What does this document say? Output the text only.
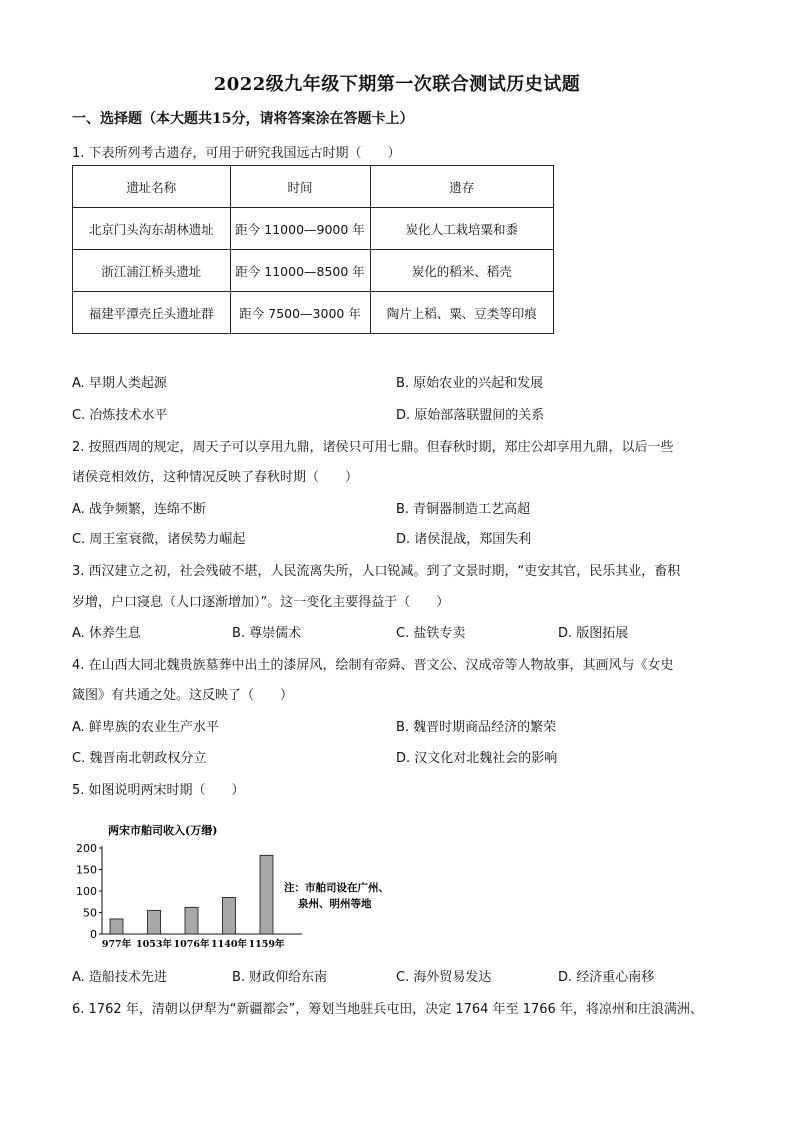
2022级九年级下期第一次联合测试历史试题
一、选择题（本大题共15分，请将答案涂在答题卡上）
1. 下表所列考古遗存，可用于研究我国远古时期（　　）
遗址名称	时间	遗存
北京门头沟东胡林遗址	距今 11000—9000 年	炭化人工栽培粟和黍
浙江浦江桥头遗址	距今 11000—8500 年	炭化的稻米、稻壳
福建平潭壳丘头遗址群	距今 7500—3000 年	陶片上稻、粟、豆类等印痕
A. 早期人类起源	B. 原始农业的兴起和发展
C. 冶炼技术水平	D. 原始部落联盟间的关系
2. 按照西周的规定，周天子可以享用九鼎，诸侯只可用七鼎。但春秋时期，郑庄公却享用九鼎，以后一些
诸侯竞相效仿，这种情况反映了春秋时期（　　）
A. 战争频繁，连绵不断	B. 青铜器制造工艺高超
C. 周王室衰微，诸侯势力崛起	D. 诸侯混战，郑国失利
3. 西汉建立之初，社会残破不堪，人民流离失所，人口锐减。到了文景时期，“吏安其官，民乐其业，畜积
岁增，户口寖息（人口逐渐增加）”。这一变化主要得益于（　　）
A. 休养生息	B. 尊崇儒术	C. 盐铁专卖	D. 版图拓展
4. 在山西大同北魏贵族墓葬中出土的漆屏风，绘制有帝舜、晋文公、汉成帝等人物故事，其画风与《女史
箴图》有共通之处。这反映了（　　）
A. 鲜卑族的农业生产水平	B. 魏晋时期商品经济的繁荣
C. 魏晋南北朝政权分立	D. 汉文化对北魏社会的影响
5. 如图说明两宋时期（　　）
两宋市舶司收入(万缗)
0
50
100
150
200
977年 1053年 1076年 1140年 1159年
注：市舶司设在广州、
泉州、明州等地
A. 造船技术先进	B. 财政仰给东南	C. 海外贸易发达	D. 经济重心南移
6. 1762 年，清朝以伊犁为“新疆都会”，筹划当地驻兵屯田，决定 1764 年至 1766 年，将凉州和庄浪满洲、
